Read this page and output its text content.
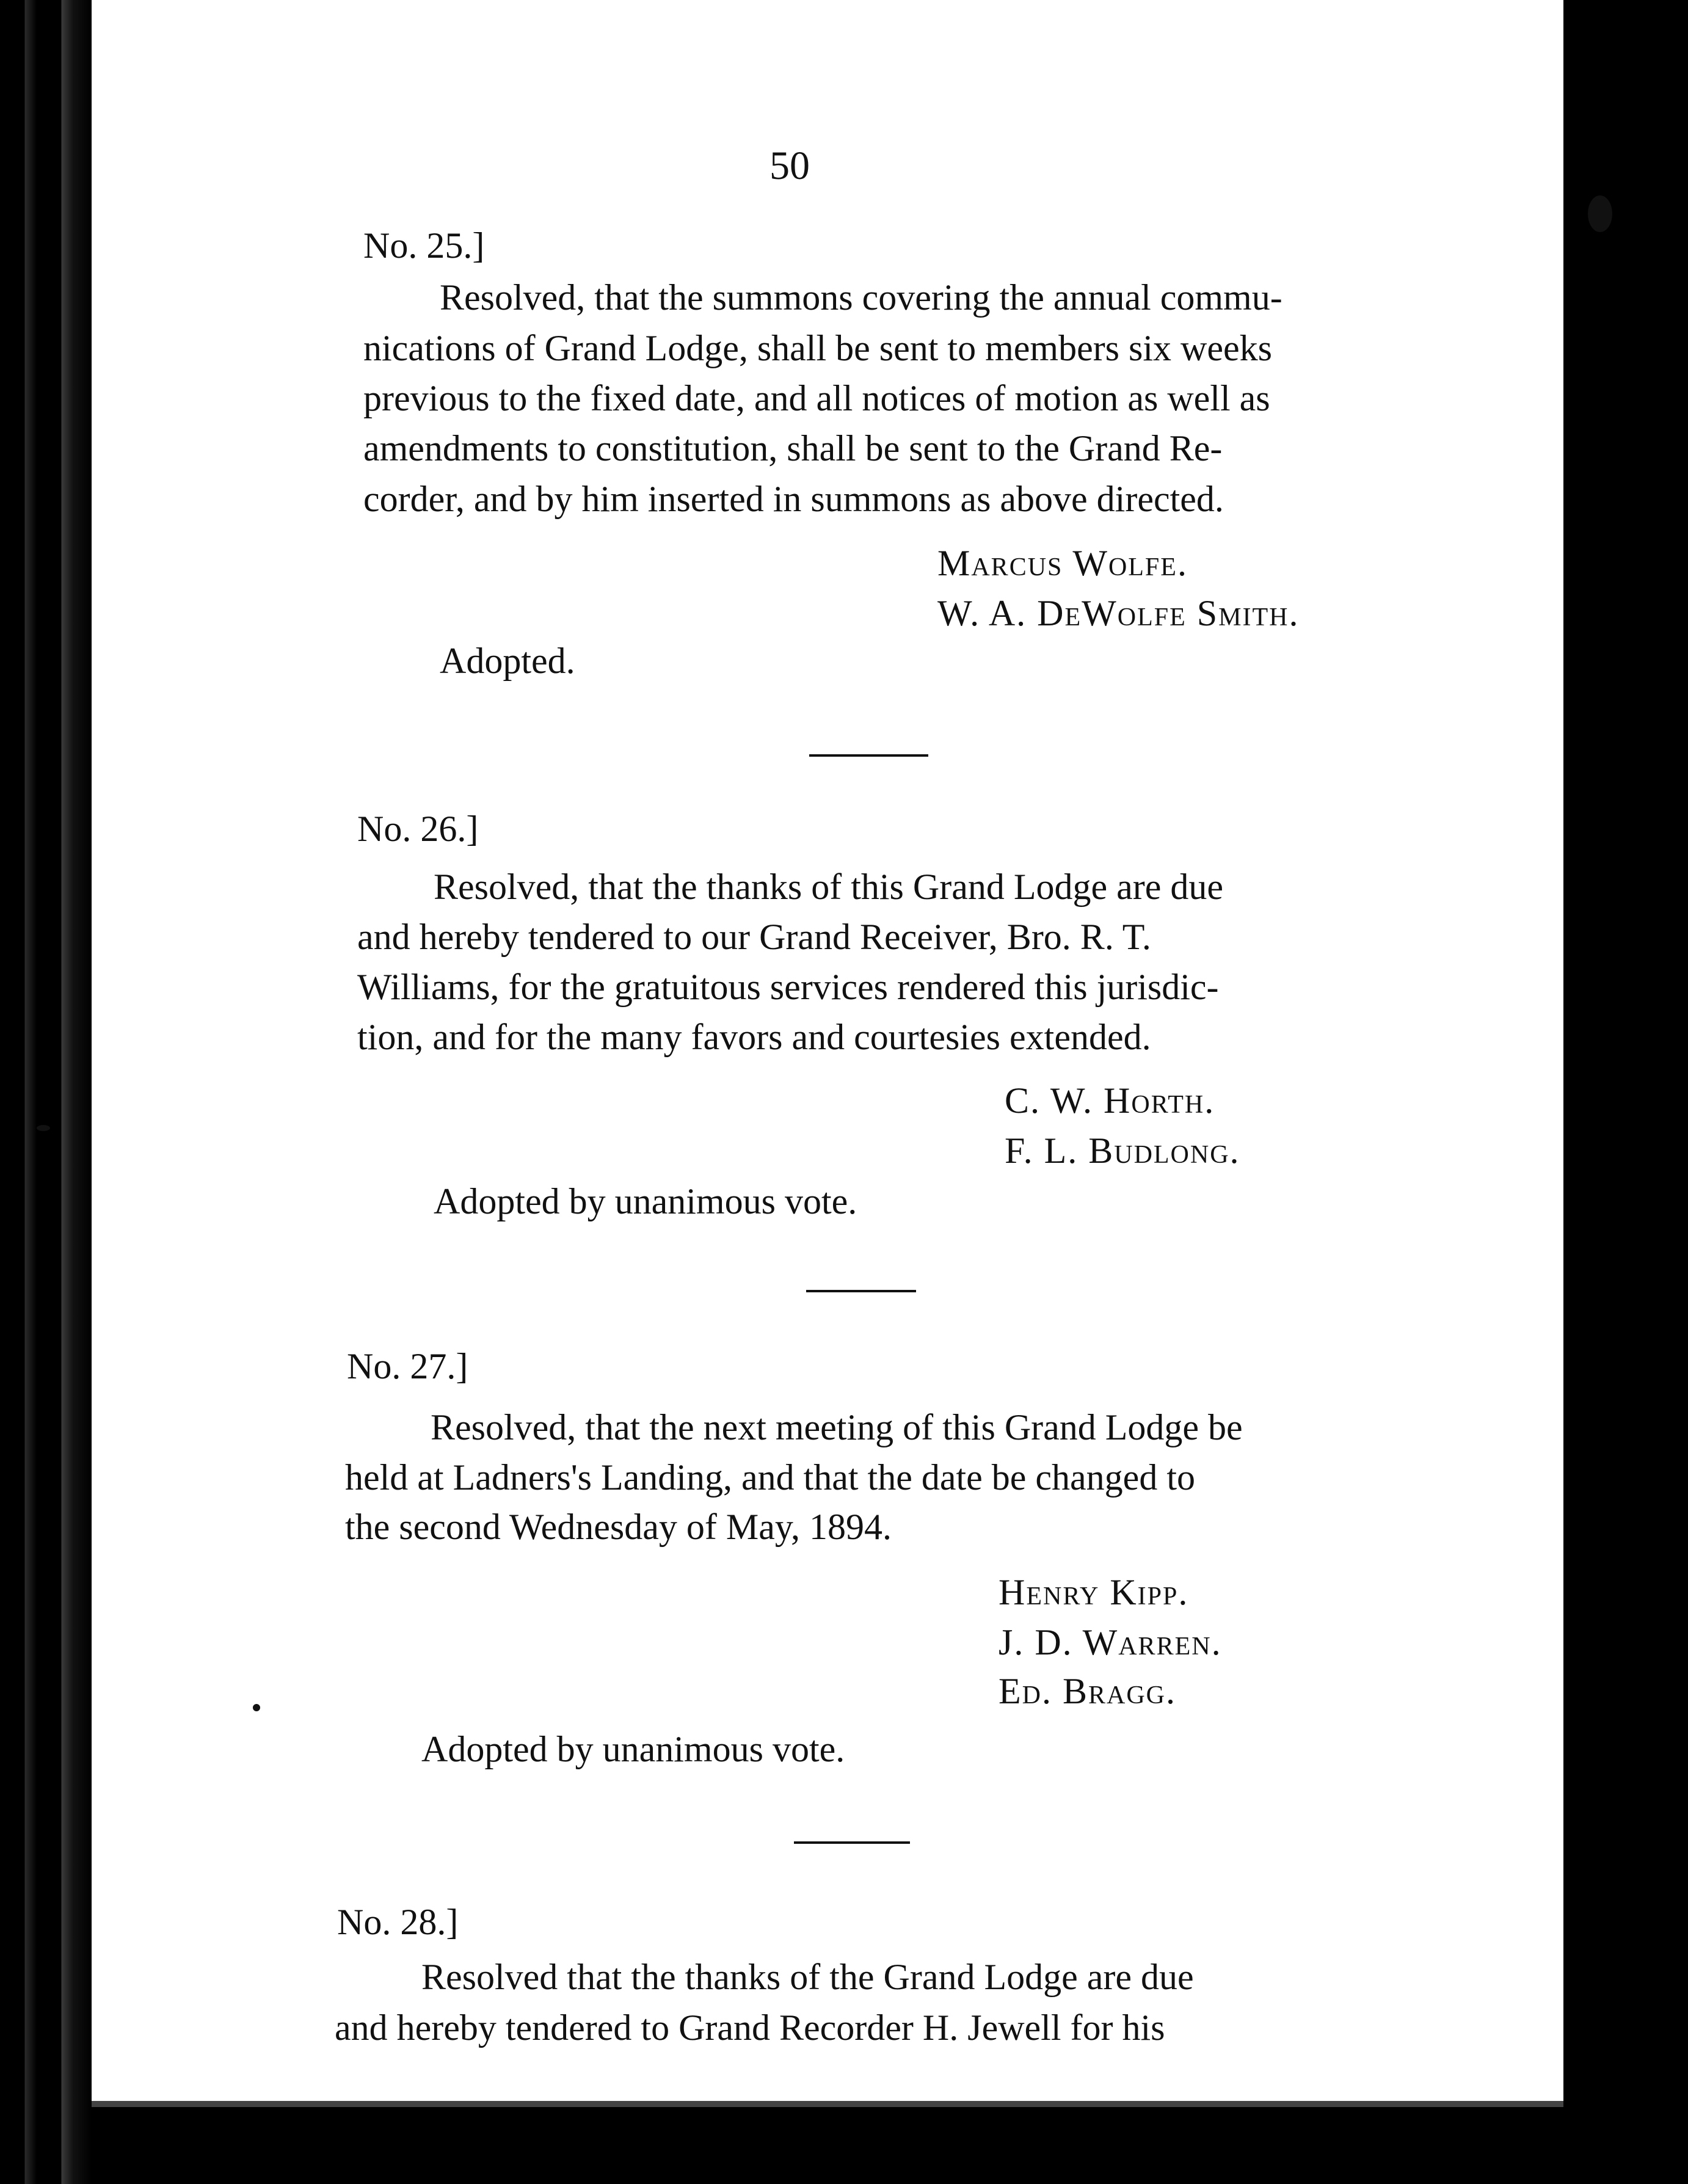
50
No. 25.]
Resolved, that the summons covering the annual commu-
nications of Grand Lodge, shall be sent to members six weeks
previous to the fixed date, and all notices of motion as well as
amendments to constitution, shall be sent to the Grand Re-
corder, and by him inserted in summons as above directed.
Marcus Wolfe.
W. A. DeWolfe Smith.
Adopted.
No. 26.]
Resolved, that the thanks of this Grand Lodge are due
and hereby tendered to our Grand Receiver, Bro. R. T.
Williams, for the gratuitous services rendered this jurisdic-
tion, and for the many favors and courtesies extended.
C. W. Horth.
F. L. Budlong.
Adopted by unanimous vote.
No. 27.]
Resolved, that the next meeting of this Grand Lodge be
held at Ladners's Landing, and that the date be changed to
the second Wednesday of May, 1894.
Henry Kipp.
J. D. Warren.
Ed. Bragg.
Adopted by unanimous vote.
No. 28.]
Resolved that the thanks of the Grand Lodge are due
and hereby tendered to Grand Recorder H. Jewell for his
